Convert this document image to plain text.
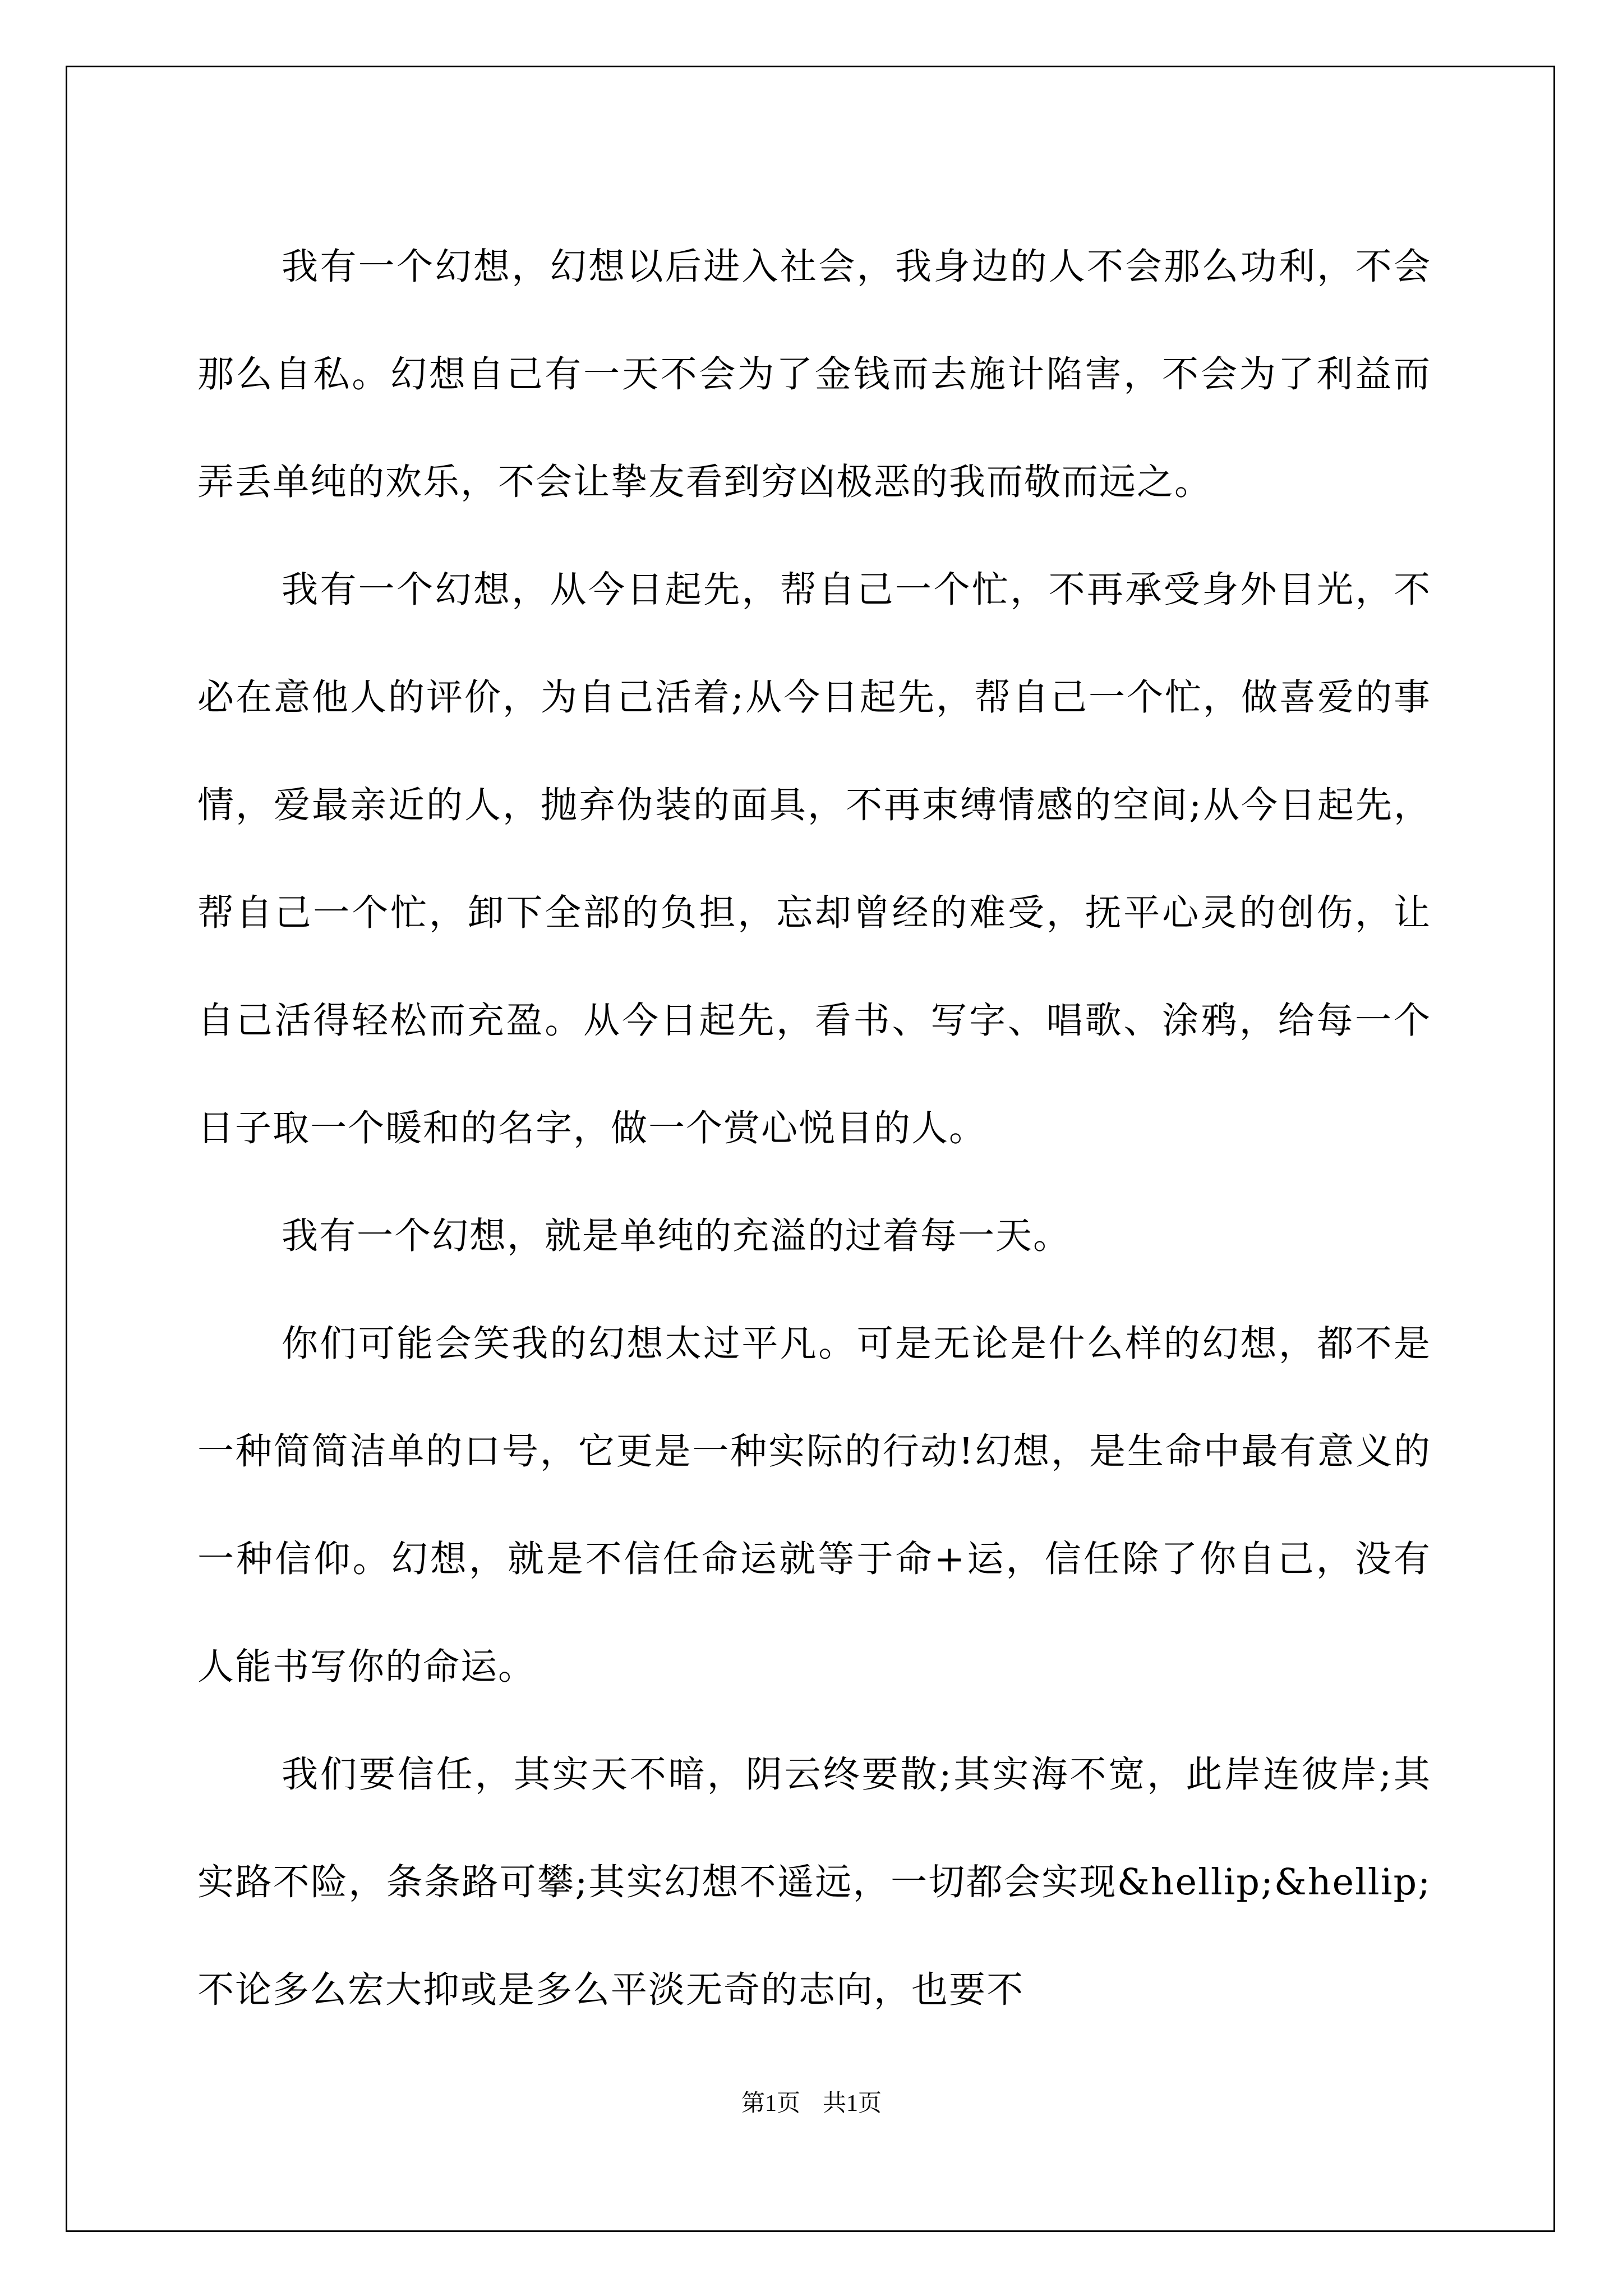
我有一个幻想，幻想以后进入社会，我身边的人不会那么功利，不会那么自私。幻想自己有一天不会为了金钱而去施计陷害，不会为了利益而弄丢单纯的欢乐，不会让挚友看到穷凶极恶的我而敬而远之。

我有一个幻想，从今日起先，帮自己一个忙，不再承受身外目光，不必在意他人的评价，为自己活着;从今日起先，帮自己一个忙，做喜爱的事情，爱最亲近的人，抛弃伪装的面具，不再束缚情感的空间;从今日起先，帮自己一个忙，卸下全部的负担，忘却曾经的难受，抚平心灵的创伤，让自己活得轻松而充盈。从今日起先，看书、写字、唱歌、涂鸦，给每一个日子取一个暖和的名字，做一个赏心悦目的人。

我有一个幻想，就是单纯的充溢的过着每一天。

你们可能会笑我的幻想太过平凡。可是无论是什么样的幻想，都不是一种简简洁单的口号，它更是一种实际的行动!幻想，是生命中最有意义的一种信仰。幻想，就是不信任命运就等于命+运，信任除了你自己，没有人能书写你的命运。

我们要信任，其实天不暗，阴云终要散;其实海不宽，此岸连彼岸;其实路不险，条条路可攀;其实幻想不遥远，一切都会实现&hellip;&hellip;不论多么宏大抑或是多么平淡无奇的志向，也要不

第1页 共1页
